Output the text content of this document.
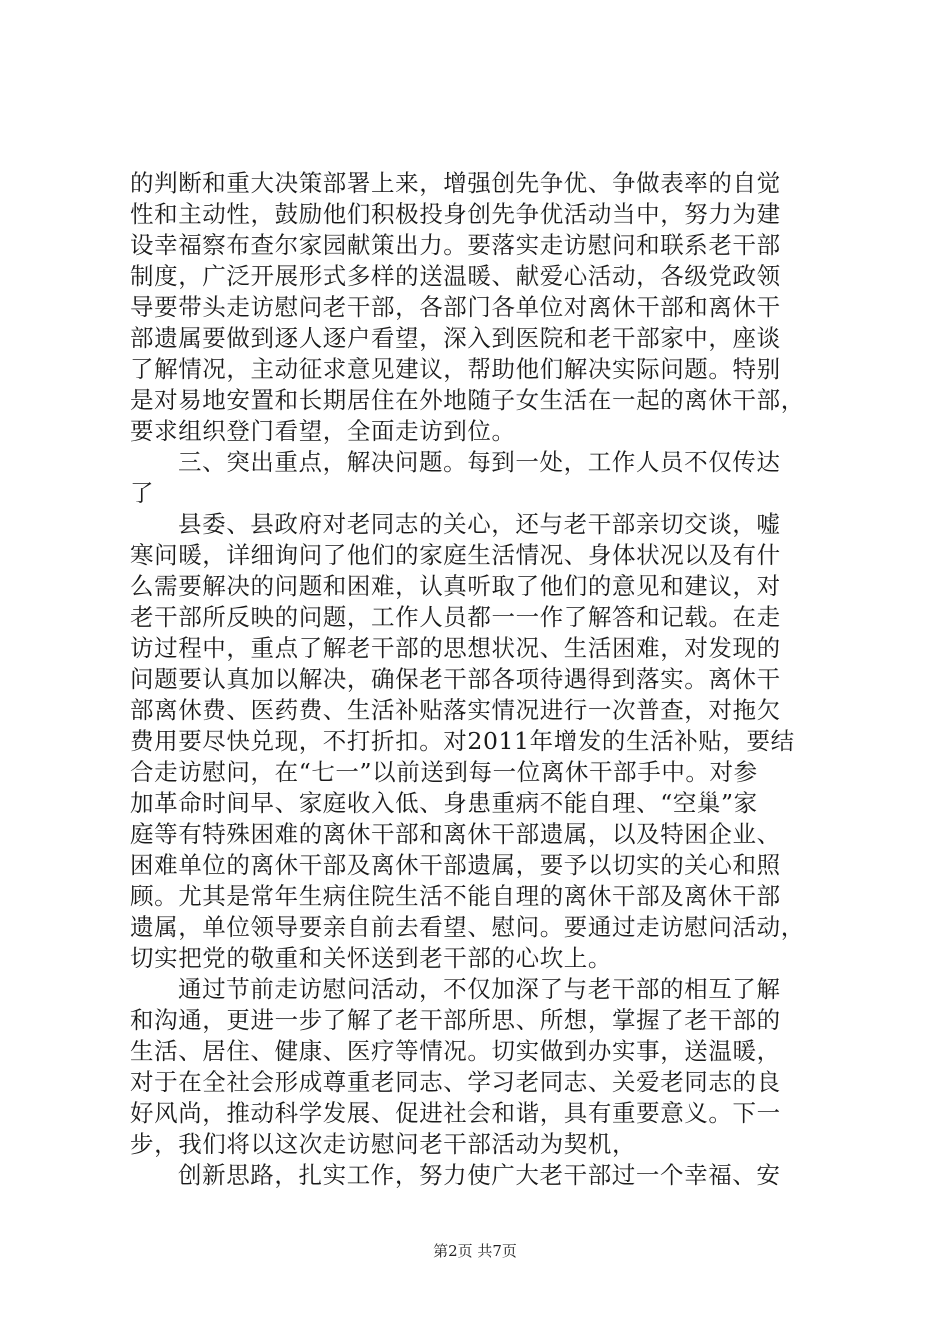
的判断和重大决策部署上来，增强创先争优、争做表率的自觉
性和主动性，鼓励他们积极投身创先争优活动当中，努力为建
设幸福察布查尔家园献策出力。要落实走访慰问和联系老干部
制度，广泛开展形式多样的送温暖、献爱心活动，各级党政领
导要带头走访慰问老干部，各部门各单位对离休干部和离休干
部遗属要做到逐人逐户看望，深入到医院和老干部家中，座谈
了解情况，主动征求意见建议，帮助他们解决实际问题。特别
是对易地安置和长期居住在外地随子女生活在一起的离休干部，
要求组织登门看望，全面走访到位。
三、突出重点，解决问题。每到一处，工作人员不仅传达
了
县委、县政府对老同志的关心，还与老干部亲切交谈，嘘
寒问暖，详细询问了他们的家庭生活情况、身体状况以及有什
么需要解决的问题和困难，认真听取了他们的意见和建议，对
老干部所反映的问题，工作人员都一一作了解答和记载。在走
访过程中，重点了解老干部的思想状况、生活困难，对发现的
问题要认真加以解决，确保老干部各项待遇得到落实。离休干
部离休费、医药费、生活补贴落实情况进行一次普查，对拖欠
费用要尽快兑现，不打折扣。对2011年增发的生活补贴，要结
合走访慰问，在“七一”以前送到每一位离休干部手中。对参
加革命时间早、家庭收入低、身患重病不能自理、“空巢”家
庭等有特殊困难的离休干部和离休干部遗属，以及特困企业、
困难单位的离休干部及离休干部遗属，要予以切实的关心和照
顾。尤其是常年生病住院生活不能自理的离休干部及离休干部
遗属，单位领导要亲自前去看望、慰问。要通过走访慰问活动，
切实把党的敬重和关怀送到老干部的心坎上。
通过节前走访慰问活动，不仅加深了与老干部的相互了解
和沟通，更进一步了解了老干部所思、所想，掌握了老干部的
生活、居住、健康、医疗等情况。切实做到办实事，送温暖，
对于在全社会形成尊重老同志、学习老同志、关爱老同志的良
好风尚，推动科学发展、促进社会和谐，具有重要意义。下一
步，我们将以这次走访慰问老干部活动为契机，
创新思路，扎实工作，努力使广大老干部过一个幸福、安
第2页 共7页
